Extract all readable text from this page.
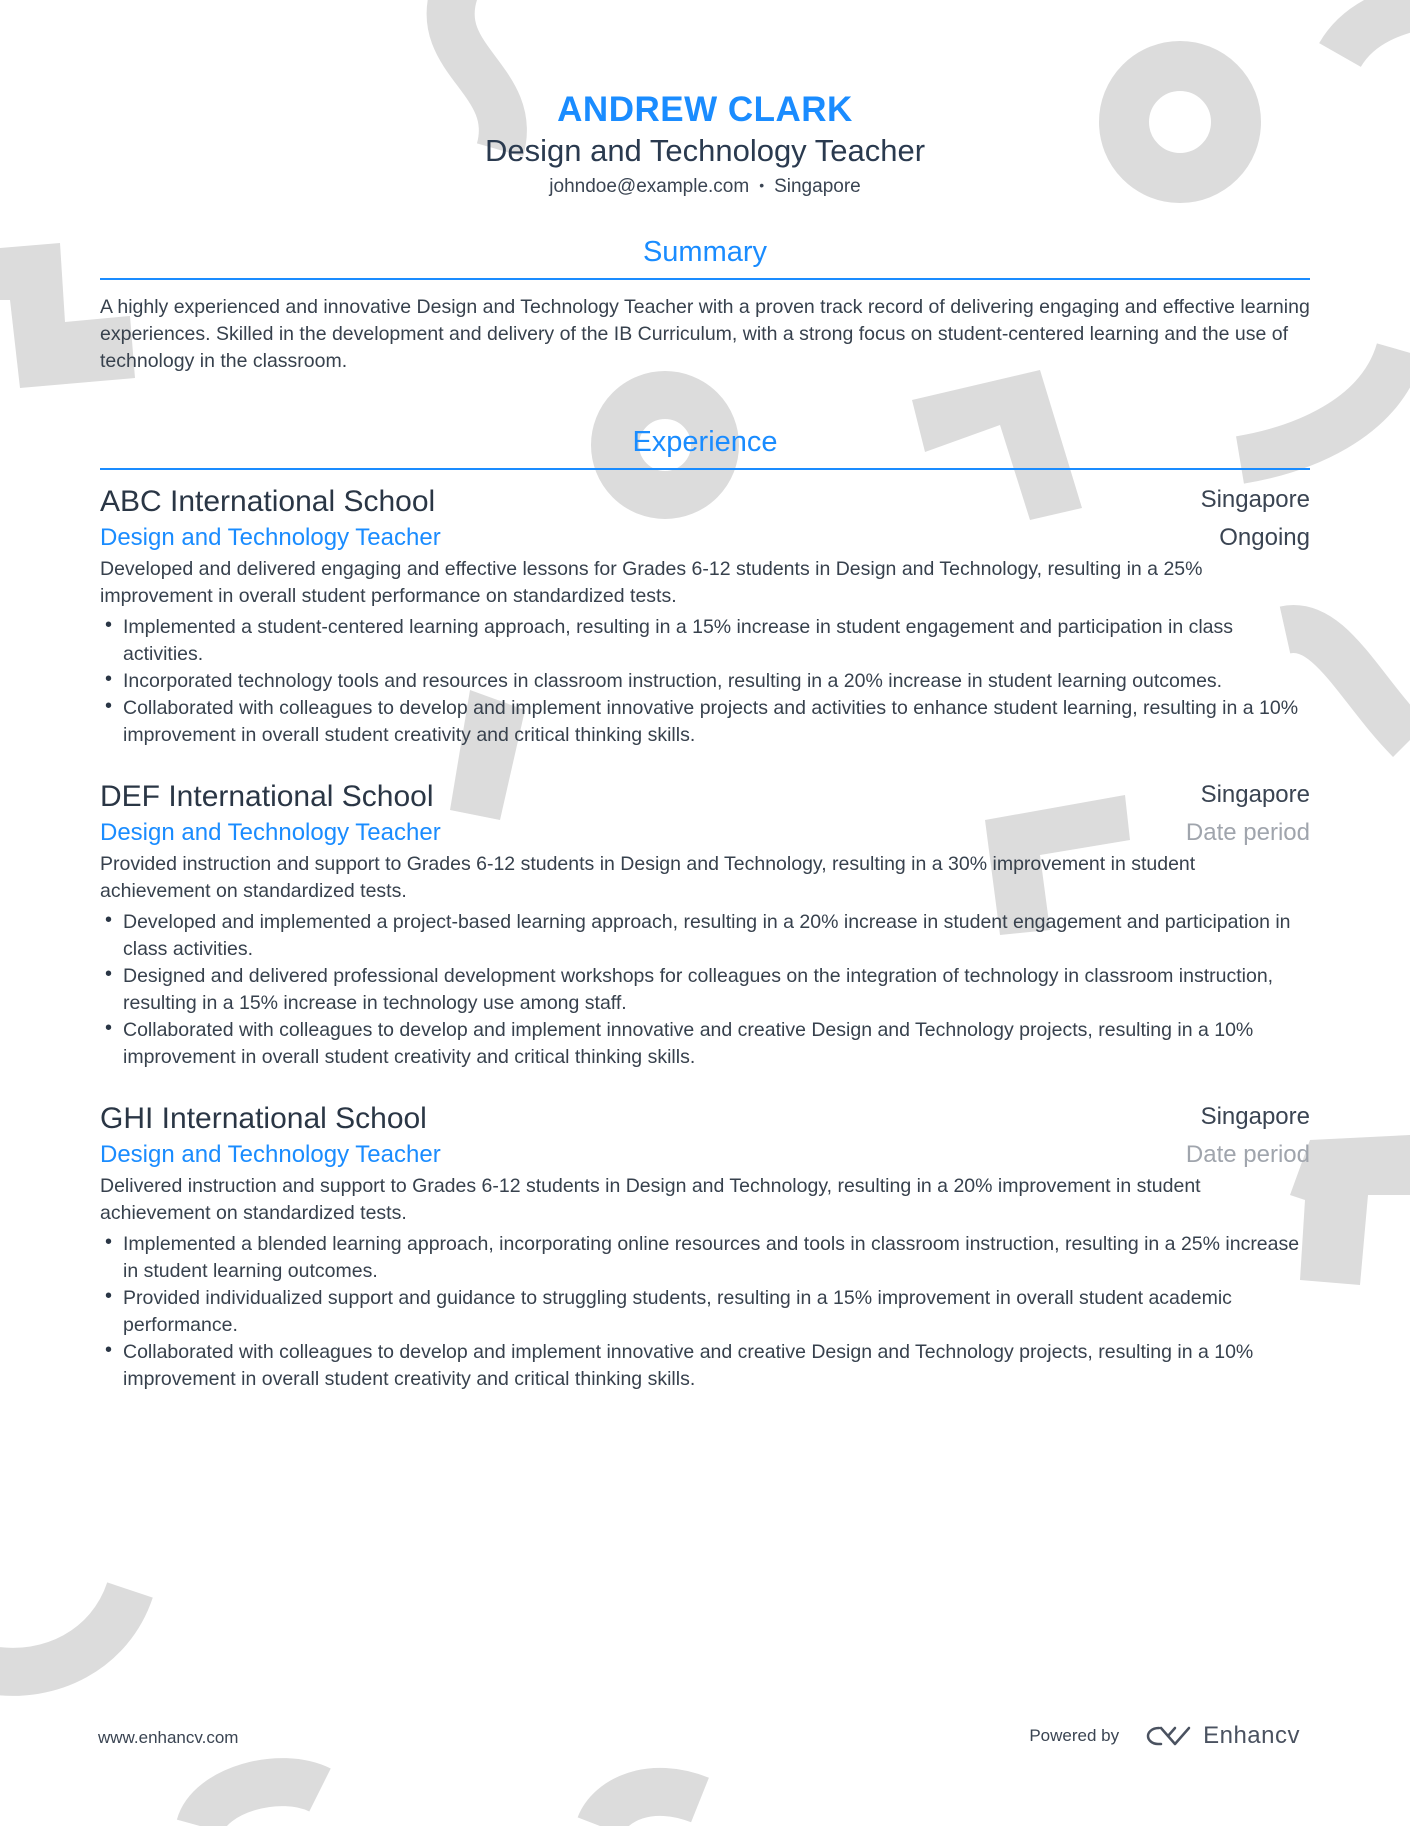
ANDREW CLARK
Design and Technology Teacher
johndoe@example.com • Singapore
Summary
A highly experienced and innovative Design and Technology Teacher with a proven track record of delivering engaging and effective learning experiences. Skilled in the development and delivery of the IB Curriculum, with a strong focus on student-centered learning and the use of technology in the classroom.
Experience
ABC International School	Singapore
Design and Technology Teacher	Ongoing
Developed and delivered engaging and effective lessons for Grades 6-12 students in Design and Technology, resulting in a 25% improvement in overall student performance on standardized tests.
• Implemented a student-centered learning approach, resulting in a 15% increase in student engagement and participation in class activities.
• Incorporated technology tools and resources in classroom instruction, resulting in a 20% increase in student learning outcomes.
• Collaborated with colleagues to develop and implement innovative projects and activities to enhance student learning, resulting in a 10% improvement in overall student creativity and critical thinking skills.
DEF International School	Singapore
Design and Technology Teacher	Date period
Provided instruction and support to Grades 6-12 students in Design and Technology, resulting in a 30% improvement in student achievement on standardized tests.
• Developed and implemented a project-based learning approach, resulting in a 20% increase in student engagement and participation in class activities.
• Designed and delivered professional development workshops for colleagues on the integration of technology in classroom instruction, resulting in a 15% increase in technology use among staff.
• Collaborated with colleagues to develop and implement innovative and creative Design and Technology projects, resulting in a 10% improvement in overall student creativity and critical thinking skills.
GHI International School	Singapore
Design and Technology Teacher	Date period
Delivered instruction and support to Grades 6-12 students in Design and Technology, resulting in a 20% improvement in student achievement on standardized tests.
• Implemented a blended learning approach, incorporating online resources and tools in classroom instruction, resulting in a 25% increase in student learning outcomes.
• Provided individualized support and guidance to struggling students, resulting in a 15% improvement in overall student academic performance.
• Collaborated with colleagues to develop and implement innovative and creative Design and Technology projects, resulting in a 10% improvement in overall student creativity and critical thinking skills.
www.enhancv.com	Powered by	Enhancv
